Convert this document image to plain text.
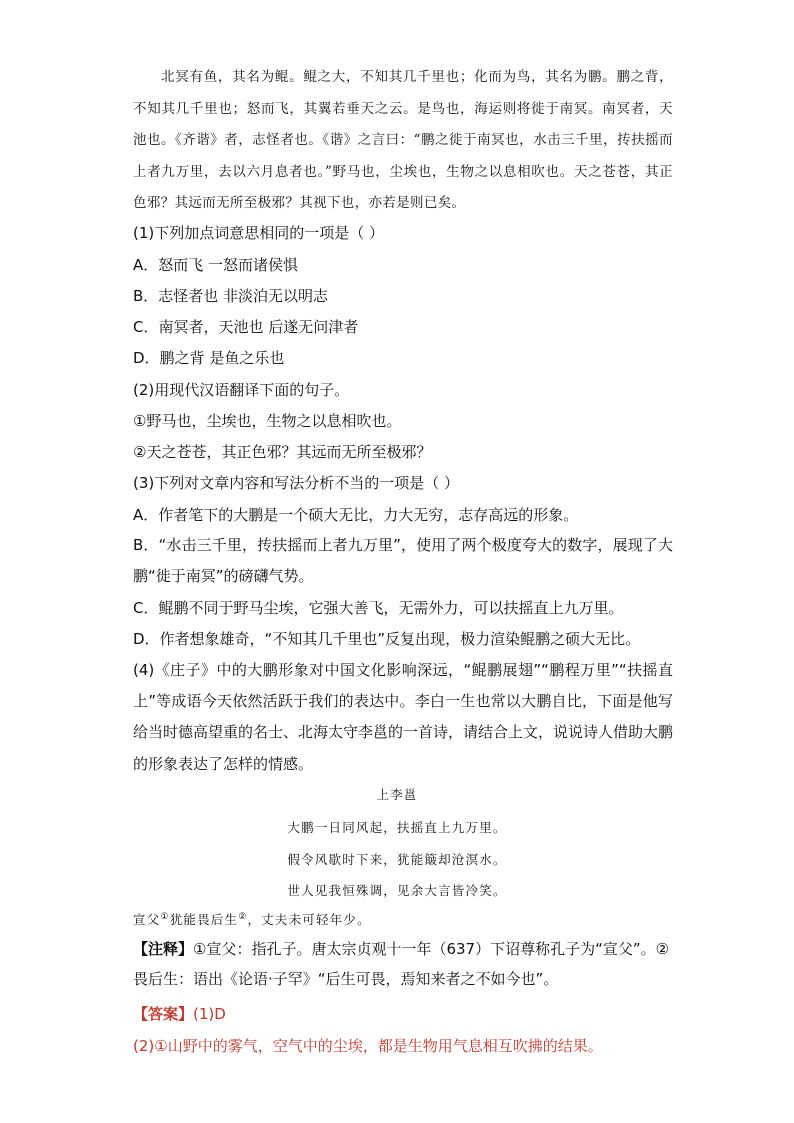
北冥有鱼，其名为鲲。鲲之大，不知其几千里也；化而为鸟，其名为鹏。鹏之背，不知其几千里也；怒而飞，其翼若垂天之云。是鸟也，海运则将徙于南冥。南冥者，天池也。《齐谐》者，志怪者也。《谐》之言曰：“鹏之徙于南冥也，水击三千里，抟扶摇而上者九万里，去以六月息者也。”野马也，尘埃也，生物之以息相吹也。天之苍苍，其正色邪？其远而无所至极邪？其视下也，亦若是则已矣。
(1)下列加点词意思相同的一项是（ ）
A．怒而飞 一怒而诸侯惧
B．志怪者也 非淡泊无以明志
C．南冥者，天池也 后遂无问津者
D．鹏之背 是鱼之乐也
(2)用现代汉语翻译下面的句子。
①野马也，尘埃也，生物之以息相吹也。
②天之苍苍，其正色邪？其远而无所至极邪？
(3)下列对文章内容和写法分析不当的一项是（ ）
A．作者笔下的大鹏是一个硕大无比，力大无穷，志存高远的形象。
B．“水击三千里，抟扶摇而上者九万里”，使用了两个极度夸大的数字，展现了大鹏“徙于南冥”的磅礴气势。
C．鲲鹏不同于野马尘埃，它强大善飞，无需外力，可以扶摇直上九万里。
D．作者想象雄奇，“不知其几千里也”反复出现，极力渲染鲲鹏之硕大无比。
(4)《庄子》中的大鹏形象对中国文化影响深远，“鲲鹏展翅”“鹏程万里”“扶摇直上”等成语今天依然活跃于我们的表达中。李白一生也常以大鹏自比，下面是他写给当时德高望重的名士、北海太守李邕的一首诗，请结合上文，说说诗人借助大鹏的形象表达了怎样的情感。
上李邕
大鹏一日同风起，扶摇直上九万里。
假令风歇时下来，犹能簸却沧溟水。
世人见我恒殊调，见余大言皆冷笑。
宣父①犹能畏后生②，丈夫未可轻年少。
【注释】①宣父：指孔子。唐太宗贞观十一年（637）下诏尊称孔子为“宣父”。②畏后生：语出《论语·子罕》“后生可畏，焉知来者之不如今也”。
【答案】(1)D
(2)①山野中的雾气，空气中的尘埃，都是生物用气息相互吹拂的结果。
